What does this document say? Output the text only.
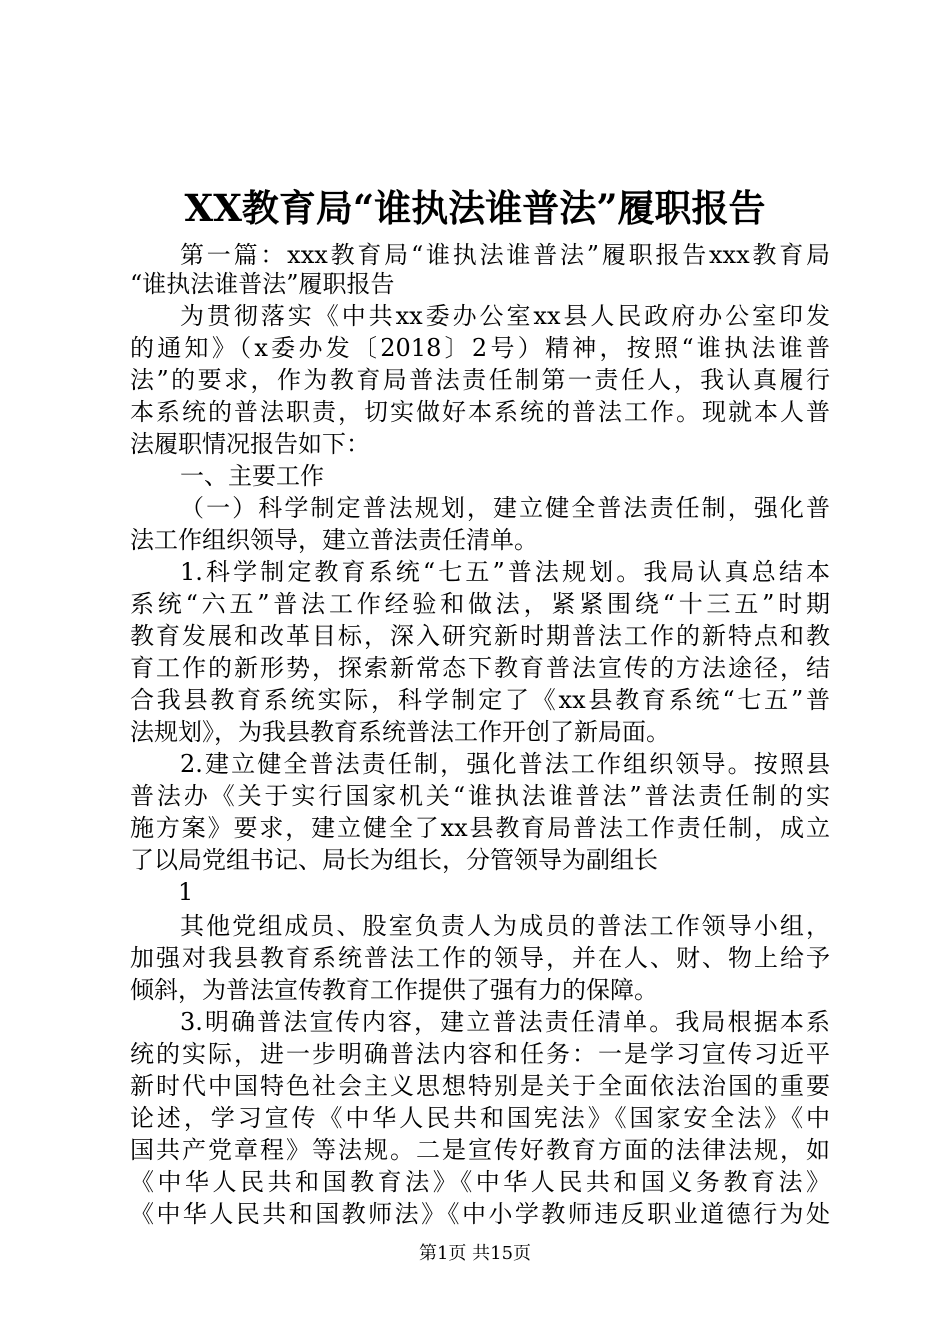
XX教育局“谁执法谁普法”履职报告
第一篇：xxx教育局“谁执法谁普法”履职报告xxx教育局
“谁执法谁普法”履职报告
为贯彻落实《中共xx委办公室xx县人民政府办公室印发
的通知》（x委办发〔2018〕2号）精神，按照“谁执法谁普
法”的要求，作为教育局普法责任制第一责任人，我认真履行
本系统的普法职责，切实做好本系统的普法工作。现就本人普
法履职情况报告如下：
一、主要工作
（一）科学制定普法规划，建立健全普法责任制，强化普
法工作组织领导，建立普法责任清单。
1.科学制定教育系统“七五”普法规划。我局认真总结本
系统“六五”普法工作经验和做法，紧紧围绕“十三五”时期
教育发展和改革目标，深入研究新时期普法工作的新特点和教
育工作的新形势，探索新常态下教育普法宣传的方法途径，结
合我县教育系统实际，科学制定了《xx县教育系统“七五”普
法规划》，为我县教育系统普法工作开创了新局面。
2.建立健全普法责任制，强化普法工作组织领导。按照县
普法办《关于实行国家机关“谁执法谁普法”普法责任制的实
施方案》要求，建立健全了xx县教育局普法工作责任制，成立
了以局党组书记、局长为组长，分管领导为副组长
1
其他党组成员、股室负责人为成员的普法工作领导小组，
加强对我县教育系统普法工作的领导，并在人、财、物上给予
倾斜，为普法宣传教育工作提供了强有力的保障。
3.明确普法宣传内容，建立普法责任清单。我局根据本系
统的实际，进一步明确普法内容和任务：一是学习宣传习近平
新时代中国特色社会主义思想特别是关于全面依法治国的重要
论述，学习宣传《中华人民共和国宪法》《国家安全法》《中
国共产党章程》等法规。二是宣传好教育方面的法律法规，如
《中华人民共和国教育法》《中华人民共和国义务教育法》
《中华人民共和国教师法》《中小学教师违反职业道德行为处
第1页 共15页
